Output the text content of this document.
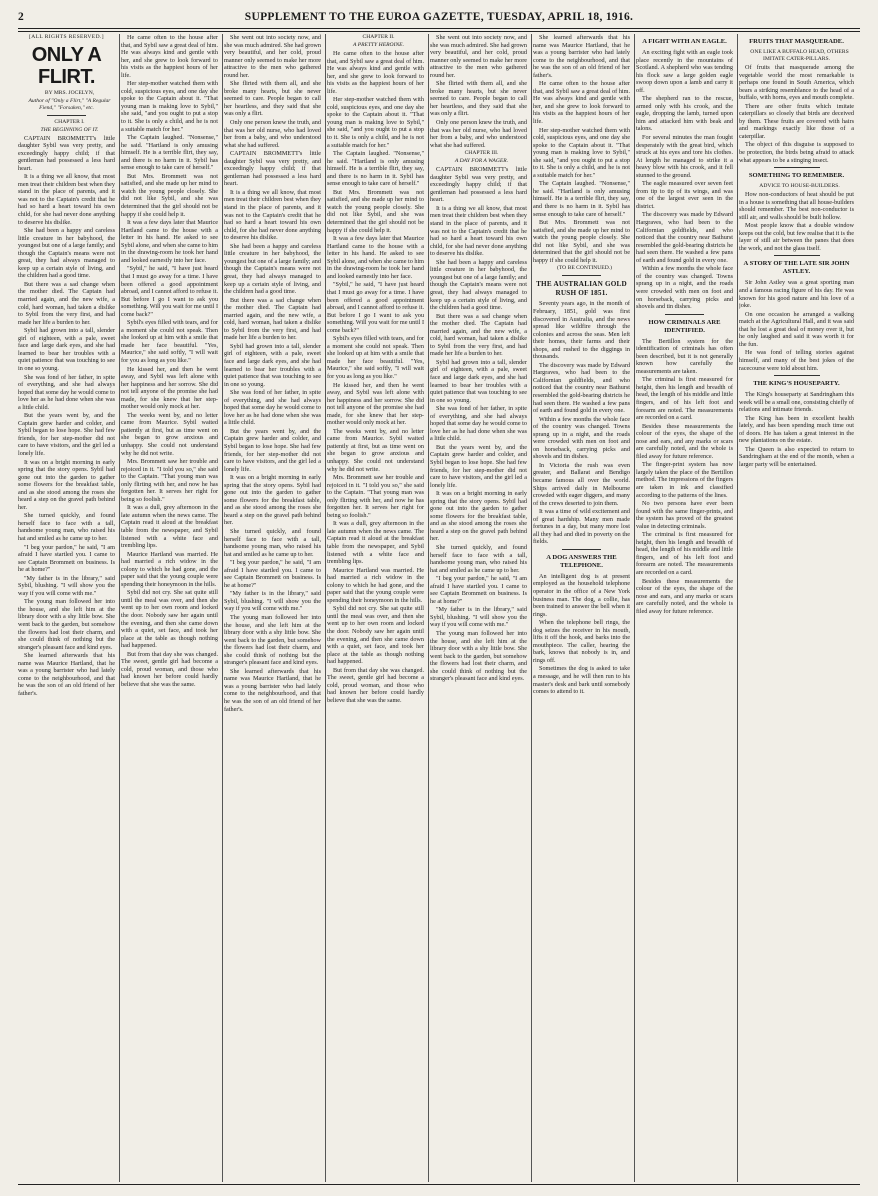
2	SUPPLEMENT TO THE EUROA GAZETTE, TUESDAY, APRIL 18, 1916.

[ALL RIGHTS RESERVED.]

ONLY A FLIRT.

BY MRS. JOCELYN,

Author of "Only a Flirt," "A Regular Fiend," "Forsaken," etc.

CHAPTER I.

THE BEGINNING OF IT.

CAPTAIN BROMMETT's little daughter Sybil was very pretty, and exceedingly happy child; if that gentleman had possessed a less hard heart.

It is a thing we all know, that most men treat their children best when they stand in the place of parents, and it was not to the Captain's credit that he had so hard a heart toward his own child, for she had never done anything to deserve his dislike.

She had been a happy and careless little creature in her babyhood, the youngest but one of a large family; and though the Captain's means were not great, they had always managed to keep up a certain style of living, and the children had a good time.

But there was a sad change when the mother died. The Captain had married again, and the new wife, a cold, hard woman, had taken a dislike to Sybil from the very first, and had made her life a burden to her.

Sybil had grown into a tall, slender girl of eighteen, with a pale, sweet face and large dark eyes, and she had learned to bear her troubles with a quiet patience that was touching to see in one so young.

She was fond of her father, in spite of everything, and she had always hoped that some day he would come to love her as he had done when she was a little child.

But the years went by, and the Captain grew harder and colder, and Sybil began to lose hope. She had few friends, for her step-mother did not care to have visitors, and the girl led a lonely life.

It was on a bright morning in early spring that the story opens. Sybil had gone out into the garden to gather some flowers for the breakfast table, and as she stood among the roses she heard a step on the gravel path behind her.

She turned quickly, and found herself face to face with a tall, handsome young man, who raised his hat and smiled as he came up to her.

"I beg your pardon," he said, "I am afraid I have startled you. I came to see Captain Brommett on business. Is he at home?"

"My father is in the library," said Sybil, blushing. "I will show you the way if you will come with me."

The young man followed her into the house, and she left him at the library door with a shy little bow. She went back to the garden, but somehow the flowers had lost their charm, and she could think of nothing but the stranger's pleasant face and kind eyes.

She learned afterwards that his name was Maurice Hartland, that he was a young barrister who had lately come to the neighbourhood, and that he was the son of an old friend of her father's.

He came often to the house after that, and Sybil saw a great deal of him. He was always kind and gentle with her, and she grew to look forward to his visits as the happiest hours of her life.

Her step-mother watched them with cold, suspicious eyes, and one day she spoke to the Captain about it. "That young man is making love to Sybil," she said, "and you ought to put a stop to it. She is only a child, and he is not a suitable match for her."

The Captain laughed. "Nonsense," he said. "Hartland is only amusing himself. He is a terrible flirt, they say, and there is no harm in it. Sybil has sense enough to take care of herself."

But Mrs. Brommett was not satisfied, and she made up her mind to watch the young people closely. She did not like Sybil, and she was determined that the girl should not be happy if she could help it.

It was a few days later that Maurice Hartland came to the house with a letter in his hand. He asked to see Sybil alone, and when she came to him in the drawing-room he took her hand and looked earnestly into her face.

"Sybil," he said, "I have just heard that I must go away for a time. I have been offered a good appointment abroad, and I cannot afford to refuse it. But before I go I want to ask you something. Will you wait for me until I come back?"

Sybil's eyes filled with tears, and for a moment she could not speak. Then she looked up at him with a smile that made her face beautiful. "Yes, Maurice," she said softly, "I will wait for you as long as you like."

He kissed her, and then he went away, and Sybil was left alone with her happiness and her sorrow. She did not tell anyone of the promise she had made, for she knew that her step-mother would only mock at her.

The weeks went by, and no letter came from Maurice. Sybil waited patiently at first, but as time went on she began to grow anxious and unhappy. She could not understand why he did not write.

Mrs. Brommett saw her trouble and rejoiced in it. "I told you so," she said to the Captain. "That young man was only flirting with her, and now he has forgotten her. It serves her right for being so foolish."

It was a dull, grey afternoon in the late autumn when the news came. The Captain read it aloud at the breakfast table from the newspaper, and Sybil listened with a white face and trembling lips.

Maurice Hartland was married. He had married a rich widow in the colony to which he had gone, and the paper said that the young couple were spending their honeymoon in the hills.

Sybil did not cry. She sat quite still until the meal was over, and then she went up to her own room and locked the door. Nobody saw her again until the evening, and then she came down with a quiet, set face, and took her place at the table as though nothing had happened.

But from that day she was changed. The sweet, gentle girl had become a cold, proud woman, and those who had known her before could hardly believe that she was the same.

She went out into society now, and she was much admired. She had grown very beautiful, and her cold, proud manner only seemed to make her more attractive to the men who gathered round her.

She flirted with them all, and she broke many hearts, but she never seemed to care. People began to call her heartless, and they said that she was only a flirt.

Only one person knew the truth, and that was her old nurse, who had loved her from a baby, and who understood what she had suffered.

CAPTAIN BROMMETT's little daughter Sybil was very pretty, and exceedingly happy child; if that gentleman had possessed a less hard heart.

It is a thing we all know, that most men treat their children best when they stand in the place of parents, and it was not to the Captain's credit that he had so hard a heart toward his own child, for she had never done anything to deserve his dislike.

She had been a happy and careless little creature in her babyhood, the youngest but one of a large family; and though the Captain's means were not great, they had always managed to keep up a certain style of living, and the children had a good time.

But there was a sad change when the mother died. The Captain had married again, and the new wife, a cold, hard woman, had taken a dislike to Sybil from the very first, and had made her life a burden to her.

Sybil had grown into a tall, slender girl of eighteen, with a pale, sweet face and large dark eyes, and she had learned to bear her troubles with a quiet patience that was touching to see in one so young.

She was fond of her father, in spite of everything, and she had always hoped that some day he would come to love her as he had done when she was a little child.

But the years went by, and the Captain grew harder and colder, and Sybil began to lose hope. She had few friends, for her step-mother did not care to have visitors, and the girl led a lonely life.

It was on a bright morning in early spring that the story opens. Sybil had gone out into the garden to gather some flowers for the breakfast table, and as she stood among the roses she heard a step on the gravel path behind her.

She turned quickly, and found herself face to face with a tall, handsome young man, who raised his hat and smiled as he came up to her.

"I beg your pardon," he said, "I am afraid I have startled you. I came to see Captain Brommett on business. Is he at home?"

"My father is in the library," said Sybil, blushing. "I will show you the way if you will come with me."

The young man followed her into the house, and she left him at the library door with a shy little bow. She went back to the garden, but somehow the flowers had lost their charm, and she could think of nothing but the stranger's pleasant face and kind eyes.

She learned afterwards that his name was Maurice Hartland, that he was a young barrister who had lately come to the neighbourhood, and that he was the son of an old friend of her father's.

CHAPTER II.

A PRETTY HEROINE.

He came often to the house after that, and Sybil saw a great deal of him. He was always kind and gentle with her, and she grew to look forward to his visits as the happiest hours of her life.

Her step-mother watched them with cold, suspicious eyes, and one day she spoke to the Captain about it. "That young man is making love to Sybil," she said, "and you ought to put a stop to it. She is only a child, and he is not a suitable match for her."

The Captain laughed. "Nonsense," he said. "Hartland is only amusing himself. He is a terrible flirt, they say, and there is no harm in it. Sybil has sense enough to take care of herself."

But Mrs. Brommett was not satisfied, and she made up her mind to watch the young people closely. She did not like Sybil, and she was determined that the girl should not be happy if she could help it.

It was a few days later that Maurice Hartland came to the house with a letter in his hand. He asked to see Sybil alone, and when she came to him in the drawing-room he took her hand and looked earnestly into her face.

"Sybil," he said, "I have just heard that I must go away for a time. I have been offered a good appointment abroad, and I cannot afford to refuse it. But before I go I want to ask you something. Will you wait for me until I come back?"

Sybil's eyes filled with tears, and for a moment she could not speak. Then she looked up at him with a smile that made her face beautiful. "Yes, Maurice," she said softly, "I will wait for you as long as you like."

He kissed her, and then he went away, and Sybil was left alone with her happiness and her sorrow. She did not tell anyone of the promise she had made, for she knew that her step-mother would only mock at her.

The weeks went by, and no letter came from Maurice. Sybil waited patiently at first, but as time went on she began to grow anxious and unhappy. She could not understand why he did not write.

Mrs. Brommett saw her trouble and rejoiced in it. "I told you so," she said to the Captain. "That young man was only flirting with her, and now he has forgotten her. It serves her right for being so foolish."

It was a dull, grey afternoon in the late autumn when the news came. The Captain read it aloud at the breakfast table from the newspaper, and Sybil listened with a white face and trembling lips.

Maurice Hartland was married. He had married a rich widow in the colony to which he had gone, and the paper said that the young couple were spending their honeymoon in the hills.

Sybil did not cry. She sat quite still until the meal was over, and then she went up to her own room and locked the door. Nobody saw her again until the evening, and then she came down with a quiet, set face, and took her place at the table as though nothing had happened.

But from that day she was changed. The sweet, gentle girl had become a cold, proud woman, and those who had known her before could hardly believe that she was the same.

She went out into society now, and she was much admired. She had grown very beautiful, and her cold, proud manner only seemed to make her more attractive to the men who gathered round her.

She flirted with them all, and she broke many hearts, but she never seemed to care. People began to call her heartless, and they said that she was only a flirt.

Only one person knew the truth, and that was her old nurse, who had loved her from a baby, and who understood what she had suffered.

CHAPTER III.

A DAY FOR A WAGER.

CAPTAIN BROMMETT's little daughter Sybil was very pretty, and exceedingly happy child; if that gentleman had possessed a less hard heart.

It is a thing we all know, that most men treat their children best when they stand in the place of parents, and it was not to the Captain's credit that he had so hard a heart toward his own child, for she had never done anything to deserve his dislike.

She had been a happy and careless little creature in her babyhood, the youngest but one of a large family; and though the Captain's means were not great, they had always managed to keep up a certain style of living, and the children had a good time.

But there was a sad change when the mother died. The Captain had married again, and the new wife, a cold, hard woman, had taken a dislike to Sybil from the very first, and had made her life a burden to her.

Sybil had grown into a tall, slender girl of eighteen, with a pale, sweet face and large dark eyes, and she had learned to bear her troubles with a quiet patience that was touching to see in one so young.

She was fond of her father, in spite of everything, and she had always hoped that some day he would come to love her as he had done when she was a little child.

But the years went by, and the Captain grew harder and colder, and Sybil began to lose hope. She had few friends, for her step-mother did not care to have visitors, and the girl led a lonely life.

It was on a bright morning in early spring that the story opens. Sybil had gone out into the garden to gather some flowers for the breakfast table, and as she stood among the roses she heard a step on the gravel path behind her.

She turned quickly, and found herself face to face with a tall, handsome young man, who raised his hat and smiled as he came up to her.

"I beg your pardon," he said, "I am afraid I have startled you. I came to see Captain Brommett on business. Is he at home?"

"My father is in the library," said Sybil, blushing. "I will show you the way if you will come with me."

The young man followed her into the house, and she left him at the library door with a shy little bow. She went back to the garden, but somehow the flowers had lost their charm, and she could think of nothing but the stranger's pleasant face and kind eyes.

She learned afterwards that his name was Maurice Hartland, that he was a young barrister who had lately come to the neighbourhood, and that he was the son of an old friend of her father's.

He came often to the house after that, and Sybil saw a great deal of him. He was always kind and gentle with her, and she grew to look forward to his visits as the happiest hours of her life.

Her step-mother watched them with cold, suspicious eyes, and one day she spoke to the Captain about it. "That young man is making love to Sybil," she said, "and you ought to put a stop to it. She is only a child, and he is not a suitable match for her."

The Captain laughed. "Nonsense," he said. "Hartland is only amusing himself. He is a terrible flirt, they say, and there is no harm in it. Sybil has sense enough to take care of herself."

But Mrs. Brommett was not satisfied, and she made up her mind to watch the young people closely. She did not like Sybil, and she was determined that the girl should not be happy if she could help it.

(TO BE CONTINUED.)

THE AUSTRALIAN GOLD RUSH OF 1851.

Seventy years ago, in the month of February, 1851, gold was first discovered in Australia, and the news spread like wildfire through the colonies and across the seas. Men left their homes, their farms and their shops, and rushed to the diggings in thousands.

The discovery was made by Edward Hargraves, who had been to the Californian goldfields, and who noticed that the country near Bathurst resembled the gold-bearing districts he had seen there. He washed a few pans of earth and found gold in every one.

Within a few months the whole face of the country was changed. Towns sprang up in a night, and the roads were crowded with men on foot and on horseback, carrying picks and shovels and tin dishes.

In Victoria the rush was even greater, and Ballarat and Bendigo became famous all over the world. Ships arrived daily in Melbourne crowded with eager diggers, and many of the crews deserted to join them.

It was a time of wild excitement and of great hardship. Many men made fortunes in a day, but many more lost all they had and died in poverty on the fields.

A DOG ANSWERS THE TELEPHONE.

An intelligent dog is at present employed as the household telephone operator in the office of a New York business man. The dog, a collie, has been trained to answer the bell when it rings.

When the telephone bell rings, the dog seizes the receiver in his mouth, lifts it off the hook, and barks into the mouthpiece. The caller, hearing the bark, knows that nobody is in, and rings off.

Sometimes the dog is asked to take a message, and he will then run to his master's desk and bark until somebody comes to attend to it.

A FIGHT WITH AN EAGLE.

An exciting fight with an eagle took place recently in the mountains of Scotland. A shepherd who was tending his flock saw a large golden eagle swoop down upon a lamb and carry it off.

The shepherd ran to the rescue, armed only with his crook, and the eagle, dropping the lamb, turned upon him and attacked him with beak and talons.

For several minutes the man fought desperately with the great bird, which struck at his eyes and tore his clothes. At length he managed to strike it a heavy blow with his crook, and it fell stunned to the ground.

The eagle measured over seven feet from tip to tip of its wings, and was one of the largest ever seen in the district.

The discovery was made by Edward Hargraves, who had been to the Californian goldfields, and who noticed that the country near Bathurst resembled the gold-bearing districts he had seen there. He washed a few pans of earth and found gold in every one.

Within a few months the whole face of the country was changed. Towns sprang up in a night, and the roads were crowded with men on foot and on horseback, carrying picks and shovels and tin dishes.

HOW CRIMINALS ARE IDENTIFIED.

The Bertillon system for the identification of criminals has often been described, but it is not generally known how carefully the measurements are taken.

The criminal is first measured for height, then his length and breadth of head, the length of his middle and little fingers, and of his left foot and forearm are noted. The measurements are recorded on a card.

Besides these measurements the colour of the eyes, the shape of the nose and ears, and any marks or scars are carefully noted, and the whole is filed away for future reference.

The finger-print system has now largely taken the place of the Bertillon method. The impressions of the fingers are taken in ink and classified according to the patterns of the lines.

No two persons have ever been found with the same finger-prints, and the system has proved of the greatest value in detecting criminals.

The criminal is first measured for height, then his length and breadth of head, the length of his middle and little fingers, and of his left foot and forearm are noted. The measurements are recorded on a card.

Besides these measurements the colour of the eyes, the shape of the nose and ears, and any marks or scars are carefully noted, and the whole is filed away for future reference.

FRUITS THAT MASQUERADE.

ONE LIKE A BUFFALO HEAD, OTHERS IMITATE CATER-PILLARS.

Of fruits that masquerade among the vegetable world the most remarkable is perhaps one found in South America, which bears a striking resemblance to the head of a buffalo, with horns, eyes and mouth complete.

There are other fruits which imitate caterpillars so closely that birds are deceived by them. These fruits are covered with hairs and markings exactly like those of a caterpillar.

The object of this disguise is supposed to be protection, the birds being afraid to attack what appears to be a stinging insect.

SOMETHING TO REMEMBER.

ADVICE TO HOUSE-BUILDERS.

How non-conductors of heat should be put in a house is something that all house-builders should remember. The best non-conductor is still air, and walls should be built hollow.

Most people know that a double window keeps out the cold, but few realise that it is the layer of still air between the panes that does the work, and not the glass itself.

A STORY OF THE LATE SIR JOHN ASTLEY.

Sir John Astley was a great sporting man and a famous racing figure of his day. He was known for his good nature and his love of a joke.

On one occasion he arranged a walking match at the Agricultural Hall, and it was said that he lost a great deal of money over it, but he only laughed and said it was worth it for the fun.

He was fond of telling stories against himself, and many of the best jokes of the racecourse were told about him.

THE KING'S HOUSEPARTY.

The King's houseparty at Sandringham this week will be a small one, consisting chiefly of relations and intimate friends.

The King has been in excellent health lately, and has been spending much time out of doors. He has taken a great interest in the new plantations on the estate.

The Queen is also expected to return to Sandringham at the end of the month, when a larger party will be entertained.
